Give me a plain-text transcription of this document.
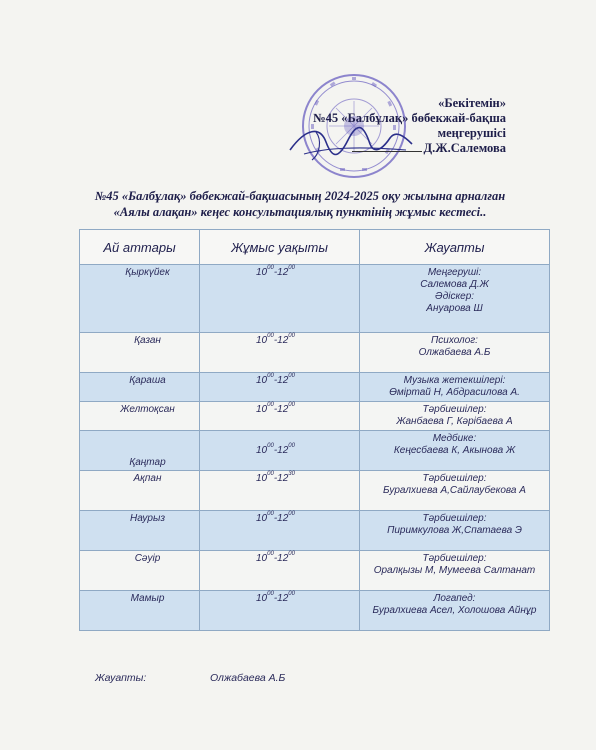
«Бекітемін»
№45 «Балбұлақ» бөбекжай-бақша
меңгерушісі
Д.Ж.Салемова
№45 «Балбұлақ» бөбекжай-бақшасының 2024-2025 оқу жылына арналған
«Аялы алақан» кеңес консультациялық пунктінің жұмыс кестесі..
Ай аттары	Жұмыс уақыты	Жауапты
Қыркүйек	$10^{00}-12^{00}$	Меңгеруші:
Салемова Д.Ж
Әдіскер:
Ануарова Ш

Қазан	$10^{00}-12^{00}$	Психолог:
Олжабаева А.Б

Қараша	$10^{00}-12^{00}$	Музыка жетекшілері:
Өміртай Н, Абдрасилова А.

Желтоқсан	$10^{00}-12^{00}$	Тәрбиешілер:
Жанбаева Г, Кәрібаева А

Қаңтар	$10^{00}-12^{00}$	Медбике:
Кеңесбаева К, Акынова Ж

Ақпан	$10^{00}-12^{30}$	Тәрбиешілер:
Буралхиева А,Сайлаубекова А

Наурыз	$10^{00}-12^{00}$	Тәрбиешілер:
Пиримкулова Ж,Спатаева Э

Сәуір	$10^{00}-12^{00}$	Тәрбиешілер:
Оралқызы М, Мумеева Салтанат

Мамыр	$10^{00}-12^{00}$	Логапед:
Буралхиева Асел, Холошова Айнұр
Жауапты:	Олжабаева А.Б
